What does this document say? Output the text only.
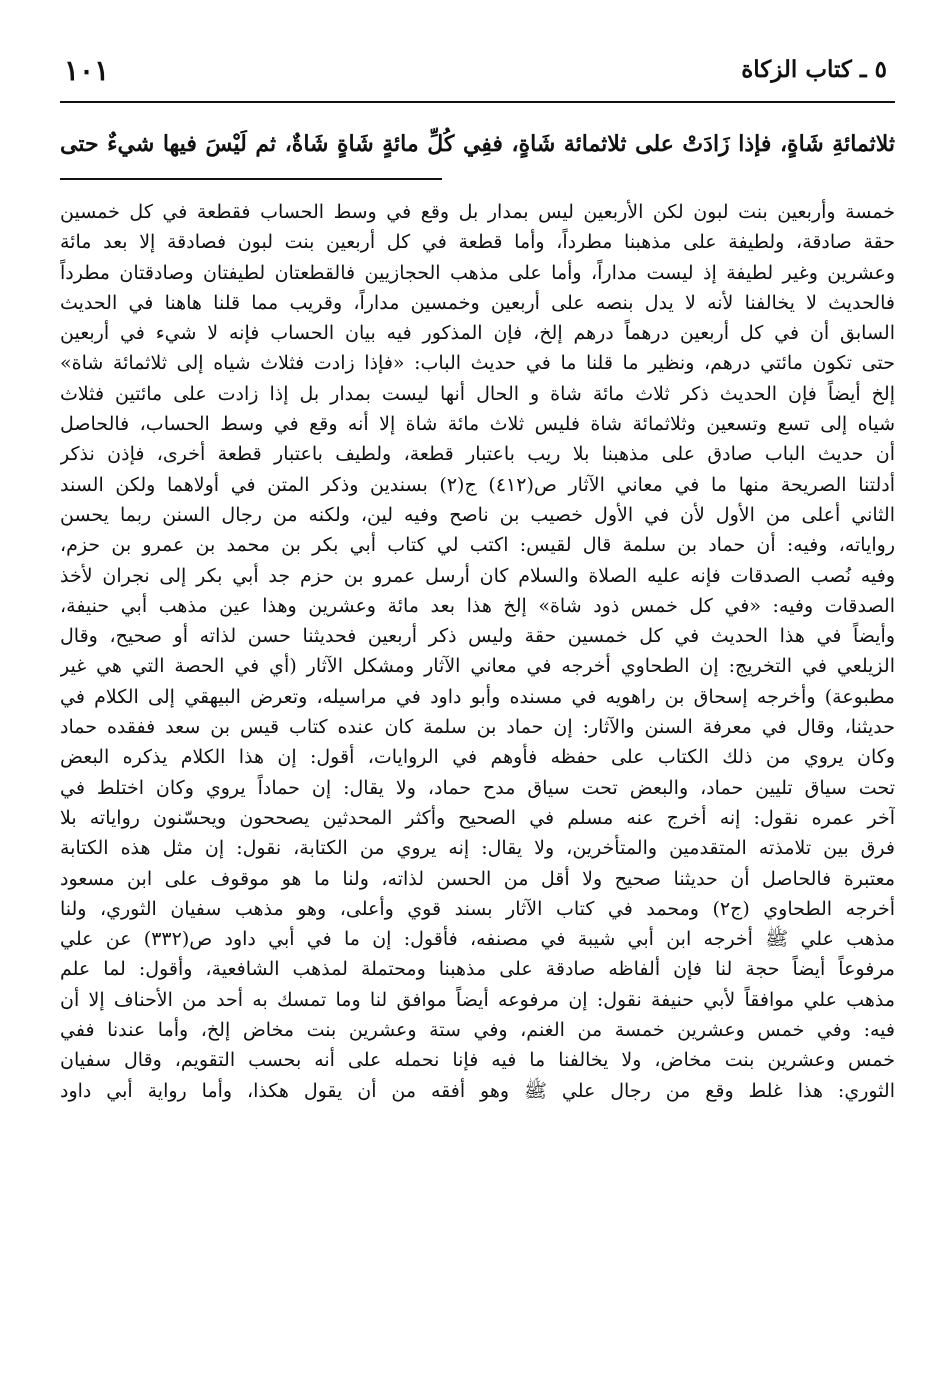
٥ ـ كتاب الزكاة
١٠١
ثلاثمائةِ شَاةٍ، فإذا زَادَتْ على ثلاثمائة شَاةٍ، ففِي كُلِّ مائةٍ شَاةٍ شَاةٌ، ثم لَيْسَ فيها شيءٌ حتى
خمسة وأربعين بنت لبون لكن الأربعين ليس بمدار بل وقع في وسط الحساب فقطعة في كل خمسين
حقة صادقة، ولطيفة على مذهبنا مطرداً، وأما قطعة في كل أربعين بنت لبون فصادقة إلا بعد مائة
وعشرين وغير لطيفة إذ ليست مداراً، وأما على مذهب الحجازيين فالقطعتان لطيفتان وصادقتان مطرداً
فالحديث لا يخالفنا لأنه لا يدل بنصه على أربعين وخمسين مداراً، وقريب مما قلنا هاهنا في الحديث
السابق أن في كل أربعين درهماً درهم إلخ، فإن المذكور فيه بيان الحساب فإنه لا شيء في أربعين
حتى تكون مائتي درهم، ونظير ما قلنا ما في حديث الباب: «فإذا زادت فثلاث شياه إلى ثلاثمائة شاة»
إلخ أيضاً فإن الحديث ذكر ثلاث مائة شاة و الحال أنها ليست بمدار بل إذا زادت على مائتين فثلاث
شياه إلى تسع وتسعين وثلاثمائة شاة فليس ثلاث مائة شاة إلا أنه وقع في وسط الحساب، فالحاصل
أن حديث الباب صادق على مذهبنا بلا ريب باعتبار قطعة، ولطيف باعتبار قطعة أخرى، فإذن نذكر
أدلتنا الصريحة منها ما في معاني الآثار ص(٤١٢) ج(٢) بسندين وذكر المتن في أولاهما ولكن السند
الثاني أعلى من الأول لأن في الأول خصيب بن ناصح وفيه لين، ولكنه من رجال السنن ربما يحسن
رواياته، وفيه: أن حماد بن سلمة قال لقيس: اكتب لي كتاب أبي بكر بن محمد بن عمرو بن حزم،
وفيه نُصب الصدقات فإنه عليه الصلاة والسلام كان أرسل عمرو بن حزم جد أبي بكر إلى نجران لأخذ
الصدقات وفيه: «في كل خمس ذود شاة» إلخ هذا بعد مائة وعشرين وهذا عين مذهب أبي حنيفة،
وأيضاً في هذا الحديث في كل خمسين حقة وليس ذكر أربعين فحديثنا حسن لذاته أو صحيح، وقال
الزيلعي في التخريج: إن الطحاوي أخرجه في معاني الآثار ومشكل الآثار (أي في الحصة التي هي غير
مطبوعة) وأخرجه إسحاق بن راهويه في مسنده وأبو داود في مراسيله، وتعرض البيهقي إلى الكلام في
حديثنا، وقال في معرفة السنن والآثار: إن حماد بن سلمة كان عنده كتاب قيس بن سعد ففقده حماد
وكان يروي من ذلك الكتاب على حفظه فأوهم في الروايات، أقول: إن هذا الكلام يذكره البعض
تحت سياق تليين حماد، والبعض تحت سياق مدح حماد، ولا يقال: إن حماداً يروي وكان اختلط في
آخر عمره نقول: إنه أخرج عنه مسلم في الصحيح وأكثر المحدثين يصححون ويحسّنون رواياته بلا
فرق بين تلامذته المتقدمين والمتأخرين، ولا يقال: إنه يروي من الكتابة، نقول: إن مثل هذه الكتابة
معتبرة فالحاصل أن حديثنا صحيح ولا أقل من الحسن لذاته، ولنا ما هو موقوف على ابن مسعود
أخرجه الطحاوي (ج٢) ومحمد في كتاب الآثار بسند قوي وأعلى، وهو مذهب سفيان الثوري، ولنا
مذهب علي ﷺ أخرجه ابن أبي شيبة في مصنفه، فأقول: إن ما في أبي داود ص(٣٣٢) عن علي
مرفوعاً أيضاً حجة لنا فإن ألفاظه صادقة على مذهبنا ومحتملة لمذهب الشافعية، وأقول: لما علم
مذهب علي موافقاً لأبي حنيفة نقول: إن مرفوعه أيضاً موافق لنا وما تمسك به أحد من الأحناف إلا أن
فيه: وفي خمس وعشرين خمسة من الغنم، وفي ستة وعشرين بنت مخاض إلخ، وأما عندنا ففي
خمس وعشرين بنت مخاض، ولا يخالفنا ما فيه فإنا نحمله على أنه بحسب التقويم، وقال سفيان
الثوري: هذا غلط وقع من رجال علي ﷺ وهو أفقه من أن يقول هكذا، وأما رواية أبي داود
